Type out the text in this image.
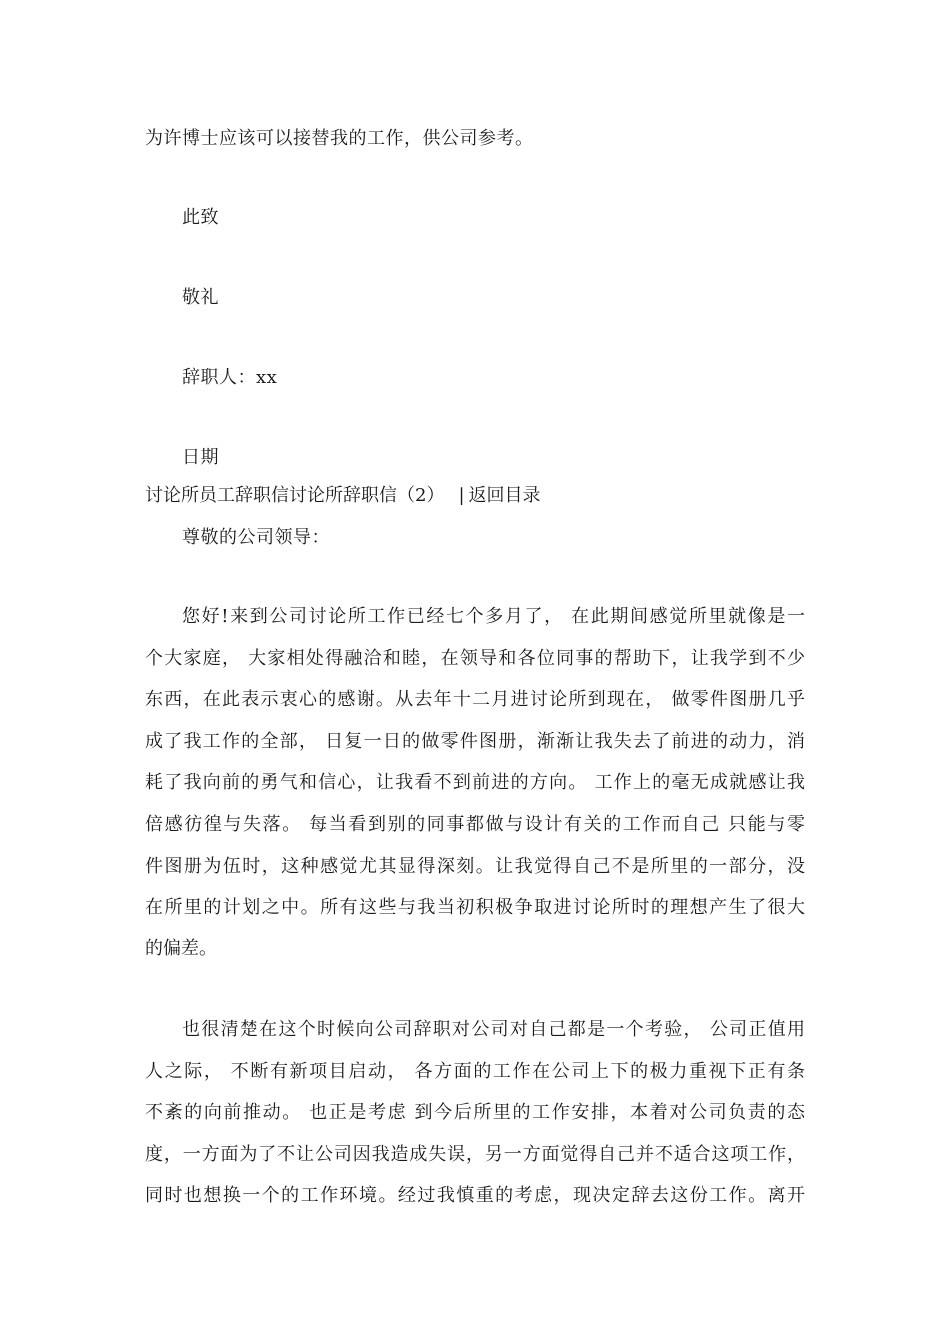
为许博士应该可以接替我的工作，供公司参考。
此致
敬礼
辞职人：xx
日期
讨论所员工辞职信讨论所辞职信（2） | 返回目录
尊敬的公司领导：
您好!来到公司讨论所工作已经七个多月了， 在此期间感觉所里就像是一
个大家庭， 大家相处得融洽和睦，在领导和各位同事的帮助下，让我学到不少
东西，在此表示衷心的感谢。从去年十二月进讨论所到现在， 做零件图册几乎
成了我工作的全部， 日复一日的做零件图册，渐渐让我失去了前进的动力，消
耗了我向前的勇气和信心，让我看不到前进的方向。 工作上的毫无成就感让我
倍感彷徨与失落。 每当看到别的同事都做与设计有关的工作而自己 只能与零
件图册为伍时，这种感觉尤其显得深刻。让我觉得自己不是所里的一部分，没
在所里的计划之中。所有这些与我当初积极争取进讨论所时的理想产生了很大
的偏差。
也很清楚在这个时候向公司辞职对公司对自己都是一个考验， 公司正值用
人之际， 不断有新项目启动， 各方面的工作在公司上下的极力重视下正有条
不紊的向前推动。 也正是考虑 到今后所里的工作安排，本着对公司负责的态
度，一方面为了不让公司因我造成失误，另一方面觉得自己并不适合这项工作，
同时也想换一个的工作环境。经过我慎重的考虑，现决定辞去这份工作。离开
